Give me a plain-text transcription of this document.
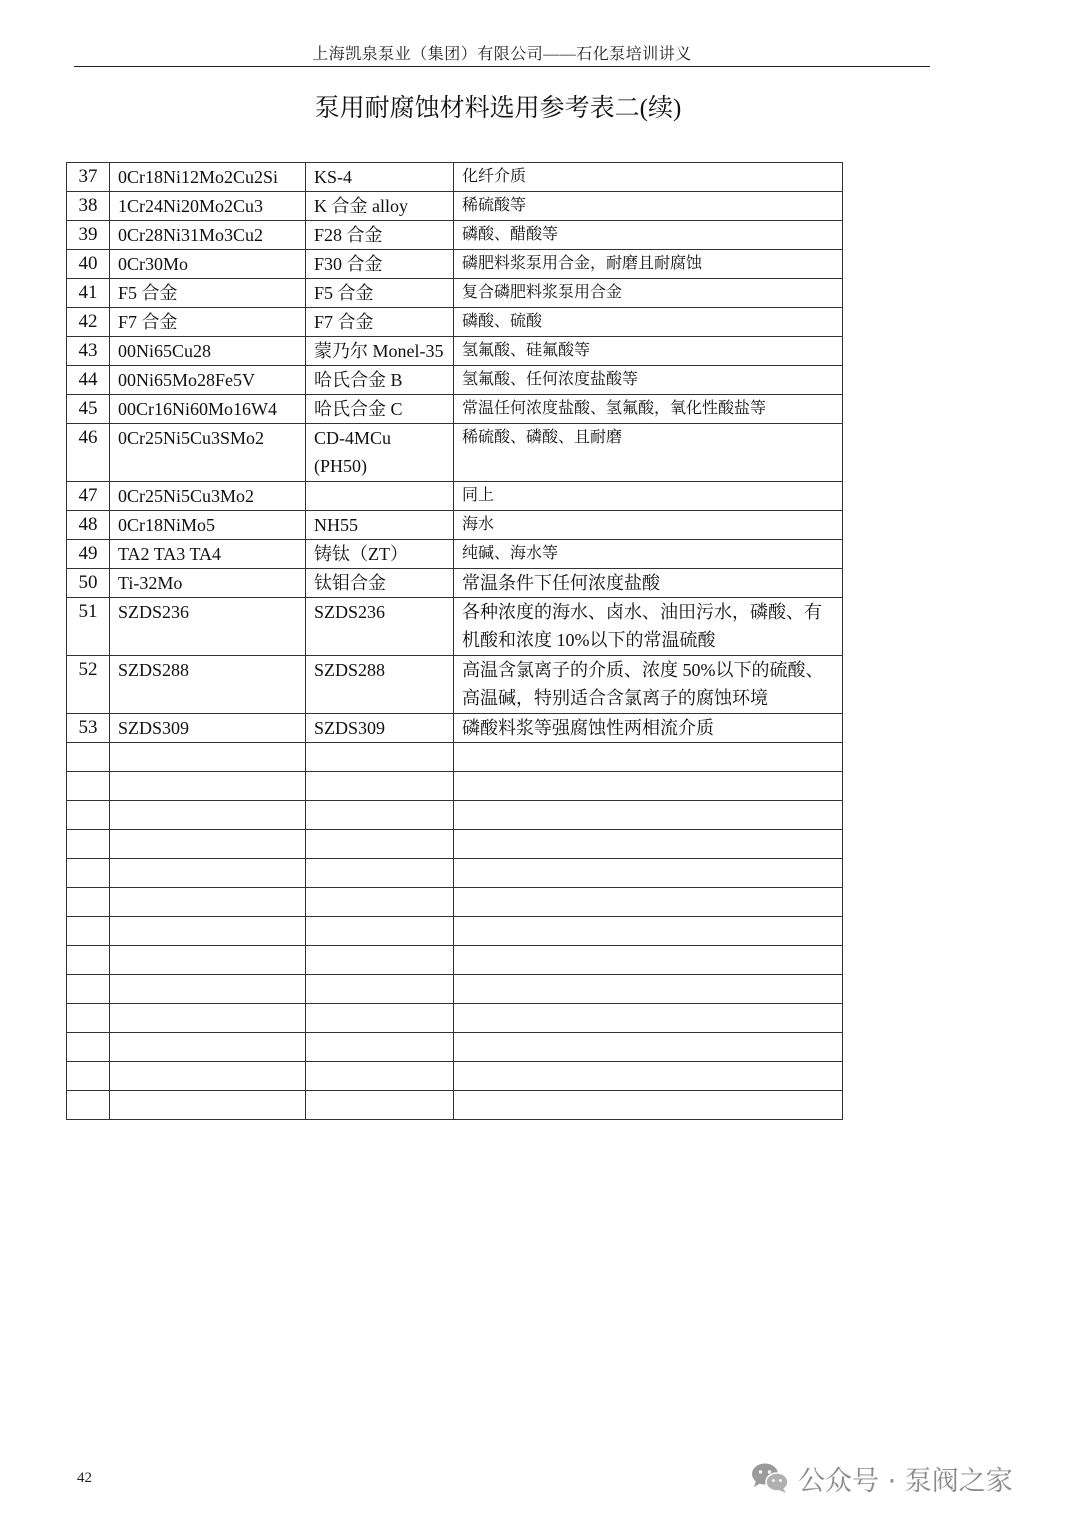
上海凯泉泵业（集团）有限公司——石化泵培训讲义
泵用耐腐蚀材料选用参考表二(续)
37	0Cr18Ni12Mo2Cu2Si	KS-4	化纤介质
38	1Cr24Ni20Mo2Cu3	K 合金 alloy	稀硫酸等
39	0Cr28Ni31Mo3Cu2	F28 合金	磷酸、醋酸等
40	0Cr30Mo	F30 合金	磷肥料浆泵用合金，耐磨且耐腐蚀
41	F5 合金	F5 合金	复合磷肥料浆泵用合金
42	F7 合金	F7 合金	磷酸、硫酸
43	00Ni65Cu28	蒙乃尔 Monel-35	氢氟酸、硅氟酸等
44	00Ni65Mo28Fe5V	哈氏合金 B	氢氟酸、任何浓度盐酸等
45	00Cr16Ni60Mo16W4	哈氏合金 C	常温任何浓度盐酸、氢氟酸，氧化性酸盐等
46	0Cr25Ni5Cu3SMo2	CD-4MCu (PH50)	稀硫酸、磷酸、且耐磨
47	0Cr25Ni5Cu3Mo2		同上
48	0Cr18NiMo5	NH55	海水
49	TA2 TA3 TA4	铸钛（ZT）	纯碱、海水等
50	Ti-32Mo	钛钼合金	常温条件下任何浓度盐酸
51	SZDS236	SZDS236	各种浓度的海水、卤水、油田污水，磷酸、有机酸和浓度 10%以下的常温硫酸
52	SZDS288	SZDS288	高温含氯离子的介质、浓度 50%以下的硫酸、高温碱，特别适合含氯离子的腐蚀环境
53	SZDS309	SZDS309	磷酸料浆等强腐蚀性两相流介质

42	公众号 · 泵阀之家
